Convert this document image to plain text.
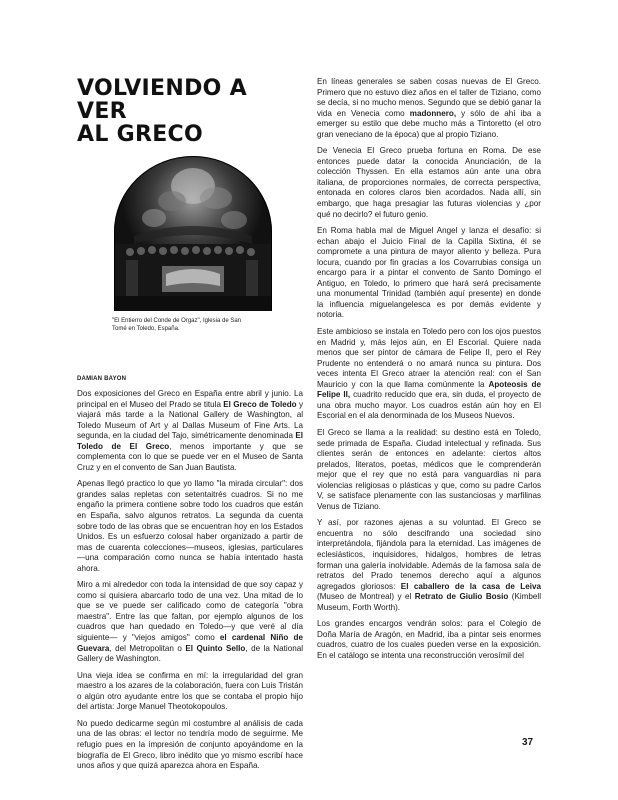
VOLVIENDO A VER
AL GRECO
"El Entierro del Conde de Orgaz", Iglesia de San
Tomé en Toledo, España.
DAMIAN BAYON

Dos exposiciones del Greco en España entre abril y junio. La principal en el Museo del Prado se titula El Greco de Toledo y viajará más tarde a la National Gallery de Washington, al Toledo Museum of Art y al Dallas Museum of Fine Arts. La segunda, en la ciudad del Tajo, simétricamente denominada El Toledo de El Greco, menos importante y que se complementa con lo que se puede ver en el Museo de Santa Cruz y en el convento de San Juan Bautista.

Apenas llegó practico lo que yo llamo "la mirada circular": dos grandes salas repletas con setentaitrés cuadros. Si no me engaño la primera contiene sobre todo los cuadros que están en España, salvo algunos retratos. La segunda da cuenta sobre todo de las obras que se encuentran hoy en los Estados Unidos. Es un esfuerzo colosal haber organizado a partir de mas de cuarenta colecciones—museos, iglesias, particulares—una comparación como nunca se había intentado hasta ahora.

Miro a mi alrededor con toda la intensidad de que soy capaz y como si quisiera abarcarlo todo de una vez. Una mitad de lo que se ve puede ser calificado como de categoría "obra maestra". Entre las que faltan, por ejemplo algunos de los cuadros que han quedado en Toledo—y que veré al día siguiente— y "viejos amigos" como el cardenal Niño de Guevara, del Metropolitan o El Quinto Sello, de la National Gallery de Washington.

Una vieja idea se confirma en mí: la irregularidad del gran maestro a los azares de la colaboración, fuera con Luis Tristán o algún otro ayudante entre los que se contaba el propio hijo del artista: Jorge Manuel Theotokopoulos.

No puedo dedicarme según mi costumbre al análisis de cada una de las obras: el lector no tendría modo de seguirme. Me refugio pues en la impresión de conjunto apoyándome en la biografía de El Greco, libro inédito que yo mismo escribí hace unos años y que quizá aparezca ahora en España.

En líneas generales se saben cosas nuevas de El Greco. Primero que no estuvo diez años en el taller de Tiziano, como se decía, si no mucho menos. Segundo que se debió ganar la vida en Venecia como madonnero, y sólo de ahí iba a emerger su estilo que debe mucho más a Tintoretto (el otro gran veneciano de la época) que al propio Tiziano.

De Venecia El Greco prueba fortuna en Roma. De ese entonces puede datar la conocida Anunciación, de la colección Thyssen. En ella estamos aún ante una obra italiana, de proporciones normales, de correcta perspectiva, entonada en colores claros bien acordados. Nada allí, sin embargo, que haga presagiar las futuras violencias y ¿por qué no decirlo? el futuro genio.

En Roma habla mal de Miguel Angel y lanza el desafío: si echan abajo el Juicio Final de la Capilla Sixtina, él se compromete a una pintura de mayor aliento y belleza. Pura locura, cuando por fin gracias a los Covarrubias consiga un encargo para ir a pintar el convento de Santo Domingo el Antiguo, en Toledo, lo primero que hará será precisamente una monumental Trinidad (también aquí presente) en donde la influencia miguelangelesca es por demás evidente y notoria.

Este ambicioso se instala en Toledo pero con los ojos puestos en Madrid y, más lejos aún, en El Escorial. Quiere nada menos que ser pintor de cámara de Felipe II, pero el Rey Prudente no entenderá o no amará nunca su pintura. Dos veces intenta El Greco atraer la atención real: con el San Mauricio y con la que llama comúnmente la Apoteosis de Felipe II, cuadrito reducido que era, sin duda, el proyecto de una obra mucho mayor. Los cuadros están aún hoy en El Escorial en el ala denorminada de los Museos Nuevos.

El Greco se llama a la realidad: su destino está en Toledo, sede primada de España. Ciudad intelectual y refinada. Sus clientes serán de entonces en adelante: ciertos altos prelados, literatos, poetas, médicos que le comprenderán mejor que el rey que no está para vanguardias ni para violencias religiosas o plásticas y que, como su padre Carlos V, se satisface plenamente con las sustanciosas y marfilinas Venus de Tiziano.

Y así, por razones ajenas a su voluntad. El Greco se encuentra no sólo descifrando una sociedad sino interpretándola, fijándola para la eternidad. Las imágenes de eclesiásticos, inquisidores, hidalgos, hombres de letras forman una galería inolvidable. Además de la famosa sala de retratos del Prado tenemos derecho aquí a algunos agregados gloriosos: El caballero de la casa de Leiva (Museo de Montreal) y el Retrato de Giulio Bosio (Kimbell Museum, Forth Worth).

Los grandes encargos vendrán solos: para el Colegio de Doña María de Aragón, en Madrid, iba a pintar seis enormes cuadros, cuatro de los cuales pueden verse en la exposición. En el catálogo se intenta una reconstrucción verosímil del

37
